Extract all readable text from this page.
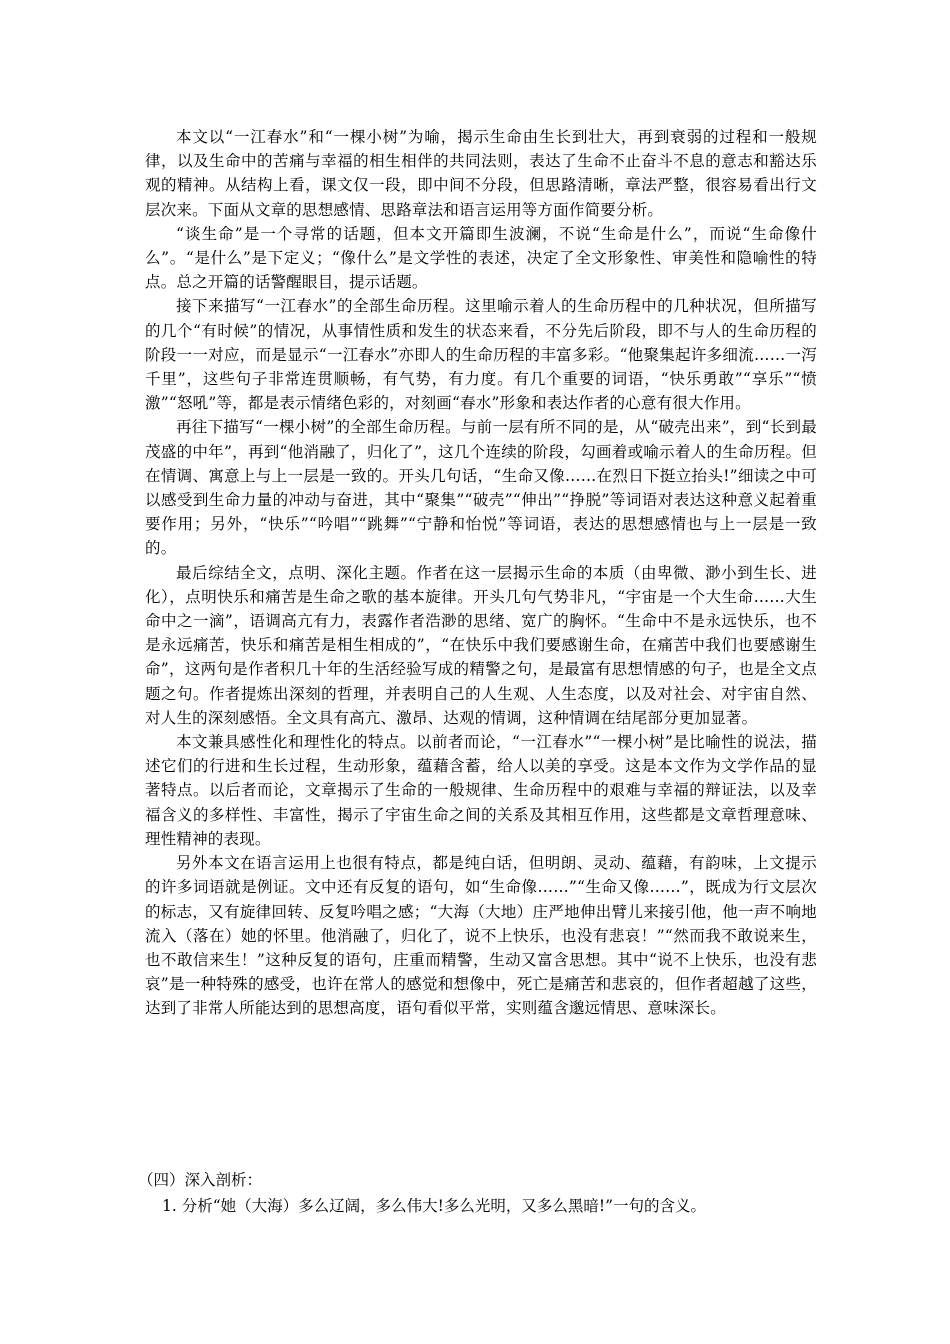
本文以“一江春水”和“一棵小树”为喻，揭示生命由生长到壮大，再到衰弱的过程和一般规律，以及生命中的苦痛与幸福的相生相伴的共同法则，表达了生命不止奋斗不息的意志和豁达乐观的精神。从结构上看，课文仅一段，即中间不分段，但思路清晰，章法严整，很容易看出行文层次来。下面从文章的思想感情、思路章法和语言运用等方面作简要分析。

“谈生命”是一个寻常的话题，但本文开篇即生波澜，不说“生命是什么”，而说“生命像什么”。“是什么”是下定义；“像什么”是文学性的表述，决定了全文形象性、审美性和隐喻性的特点。总之开篇的话警醒眼目，提示话题。

接下来描写“一江春水”的全部生命历程。这里喻示着人的生命历程中的几种状况，但所描写的几个“有时候”的情况，从事情性质和发生的状态来看，不分先后阶段，即不与人的生命历程的阶段一一对应，而是显示“一江春水”亦即人的生命历程的丰富多彩。“他聚集起许多细流……一泻千里”，这些句子非常连贯顺畅，有气势，有力度。有几个重要的词语，“快乐勇敢”“享乐”“愤激”“怒吼”等，都是表示情绪色彩的，对刻画“春水”形象和表达作者的心意有很大作用。

再往下描写“一棵小树”的全部生命历程。与前一层有所不同的是，从“破壳出来”，到“长到最茂盛的中年”，再到“他消融了，归化了”，这几个连续的阶段，勾画着或喻示着人的生命历程。但在情调、寓意上与上一层是一致的。开头几句话，“生命又像……在烈日下挺立抬头!”细读之中可以感受到生命力量的冲动与奋进，其中“聚集”“破壳”“伸出”“挣脱”等词语对表达这种意义起着重要作用；另外，“快乐”“吟唱”“跳舞”“宁静和怡悦”等词语，表达的思想感情也与上一层是一致的。

最后综结全文，点明、深化主题。作者在这一层揭示生命的本质（由卑微、渺小到生长、进化），点明快乐和痛苦是生命之歌的基本旋律。开头几句气势非凡，“宇宙是一个大生命……大生命中之一滴”，语调高亢有力，表露作者浩渺的思绪、宽广的胸怀。“生命中不是永远快乐，也不是永远痛苦，快乐和痛苦是相生相成的”，“在快乐中我们要感谢生命，在痛苦中我们也要感谢生命”，这两句是作者积几十年的生活经验写成的精警之句，是最富有思想情感的句子，也是全文点题之句。作者提炼出深刻的哲理，并表明自己的人生观、人生态度，以及对社会、对宇宙自然、对人生的深刻感悟。全文具有高亢、激昂、达观的情调，这种情调在结尾部分更加显著。

本文兼具感性化和理性化的特点。以前者而论，“一江春水”“一棵小树”是比喻性的说法，描述它们的行进和生长过程，生动形象，蕴藉含蓄，给人以美的享受。这是本文作为文学作品的显著特点。以后者而论，文章揭示了生命的一般规律、生命历程中的艰难与幸福的辩证法，以及幸福含义的多样性、丰富性，揭示了宇宙生命之间的关系及其相互作用，这些都是文章哲理意味、理性精神的表现。

另外本文在语言运用上也很有特点，都是纯白话，但明朗、灵动、蕴藉，有韵味，上文提示的许多词语就是例证。文中还有反复的语句，如“生命像……”“生命又像……”，既成为行文层次的标志，又有旋律回转、反复吟唱之感；“大海（大地）庄严地伸出臂儿来接引他，他一声不响地流入（落在）她的怀里。他消融了，归化了，说不上快乐，也没有悲哀！”“然而我不敢说来生，也不敢信来生！”这种反复的语句，庄重而精警，生动又富含思想。其中“说不上快乐，也没有悲哀”是一种特殊的感受，也许在常人的感觉和想像中，死亡是痛苦和悲哀的，但作者超越了这些，达到了非常人所能达到的思想高度，语句看似平常，实则蕴含邈远情思、意味深长。

（四）深入剖析：

1. 分析“她（大海）多么辽阔，多么伟大!多么光明，又多么黑暗!”一句的含义。
